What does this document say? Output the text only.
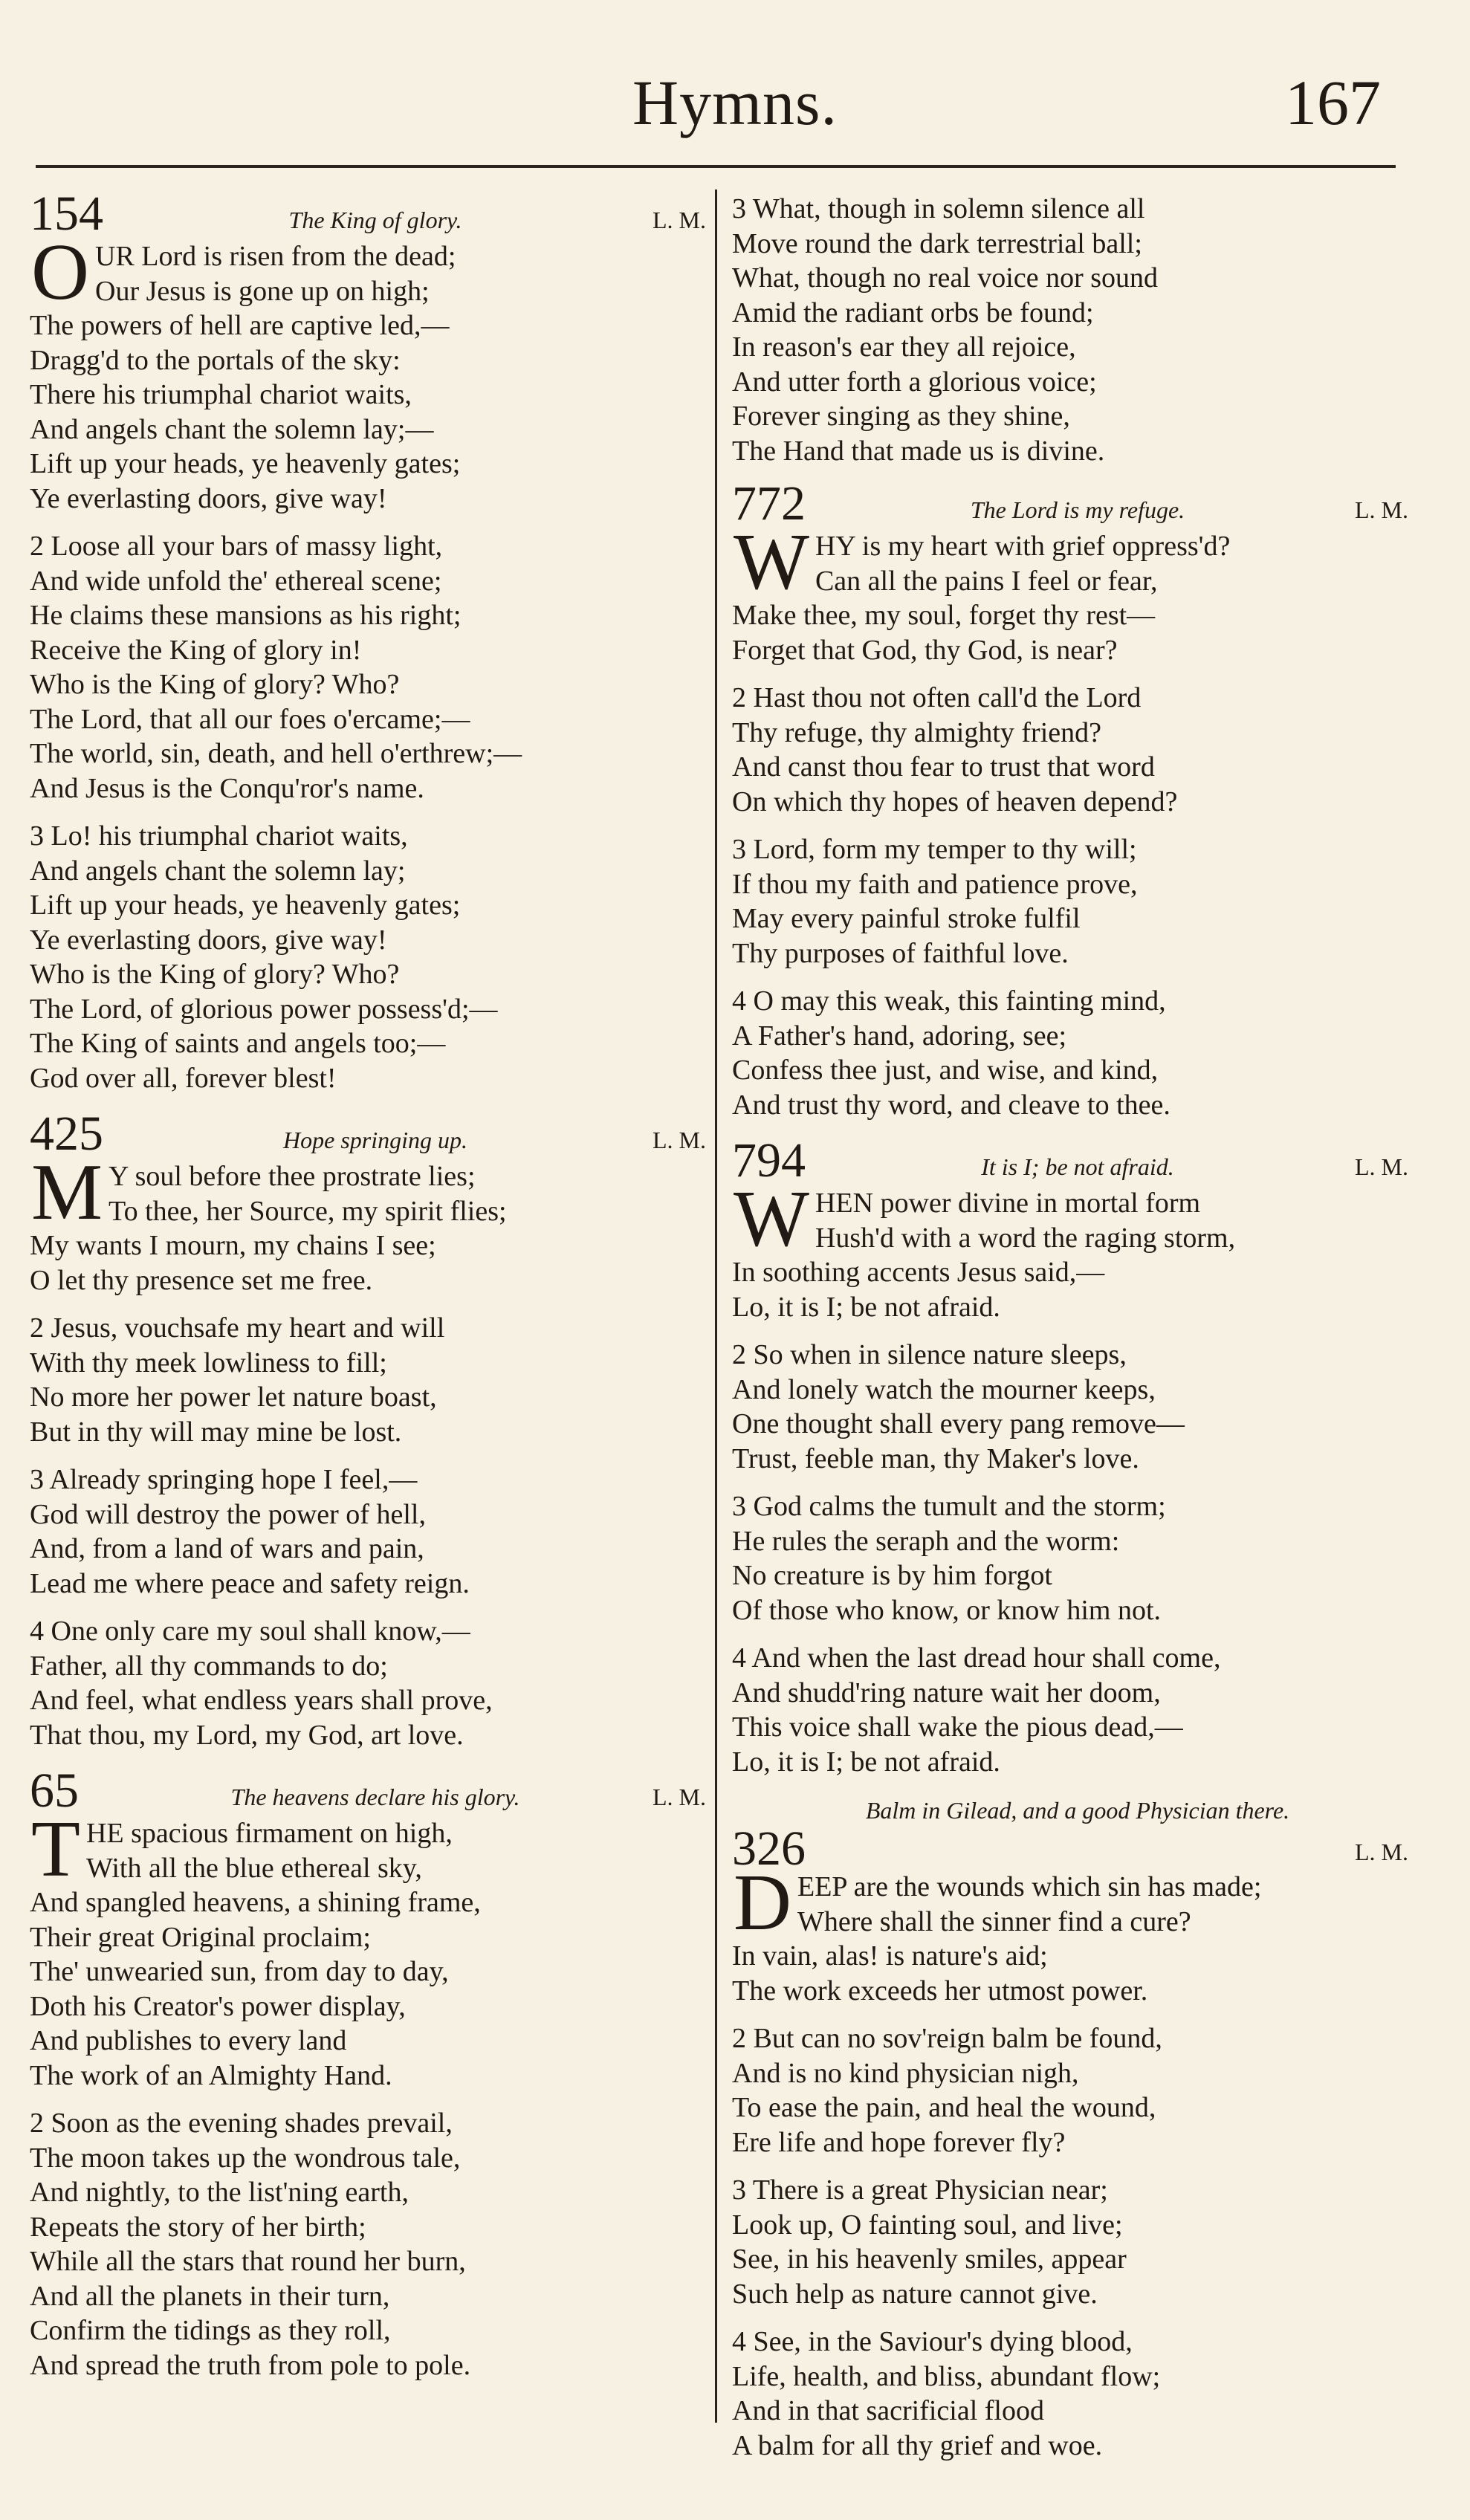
Hymns.	167
154	The King of glory.	L. M.
O UR Lord is risen from the dead;
Our Jesus is gone up on high;
The powers of hell are captive led,—
Dragg'd to the portals of the sky:
There his triumphal chariot waits,
And angels chant the solemn lay;—
Lift up your heads, ye heavenly gates;
Ye everlasting doors, give way!
2 Loose all your bars of massy light,
And wide unfold the' ethereal scene;
He claims these mansions as his right;
Receive the King of glory in!
Who is the King of glory? Who?
The Lord, that all our foes o'ercame;—
The world, sin, death, and hell o'erthrew;—
And Jesus is the Conqu'ror's name.
3 Lo! his triumphal chariot waits,
And angels chant the solemn lay;
Lift up your heads, ye heavenly gates;
Ye everlasting doors, give way!
Who is the King of glory? Who?
The Lord, of glorious power possess'd;—
The King of saints and angels too;—
God over all, forever blest!
425	Hope springing up.	L. M.
M Y soul before thee prostrate lies;
To thee, her Source, my spirit flies;
My wants I mourn, my chains I see;
O let thy presence set me free.
2 Jesus, vouchsafe my heart and will
With thy meek lowliness to fill;
No more her power let nature boast,
But in thy will may mine be lost.
3 Already springing hope I feel,—
God will destroy the power of hell,
And, from a land of wars and pain,
Lead me where peace and safety reign.
4 One only care my soul shall know,—
Father, all thy commands to do;
And feel, what endless years shall prove,
That thou, my Lord, my God, art love.
65	The heavens declare his glory.	L. M.
T HE spacious firmament on high,
With all the blue ethereal sky,
And spangled heavens, a shining frame,
Their great Original proclaim;
The' unwearied sun, from day to day,
Doth his Creator's power display,
And publishes to every land
The work of an Almighty Hand.
2 Soon as the evening shades prevail,
The moon takes up the wondrous tale,
And nightly, to the list'ning earth,
Repeats the story of her birth;
While all the stars that round her burn,
And all the planets in their turn,
Confirm the tidings as they roll,
And spread the truth from pole to pole.
3 What, though in solemn silence all
Move round the dark terrestrial ball;
What, though no real voice nor sound
Amid the radiant orbs be found;
In reason's ear they all rejoice,
And utter forth a glorious voice;
Forever singing as they shine,
The Hand that made us is divine.
772	The Lord is my refuge.	L. M.
W HY is my heart with grief oppress'd?
Can all the pains I feel or fear,
Make thee, my soul, forget thy rest—
Forget that God, thy God, is near?
2 Hast thou not often call'd the Lord
Thy refuge, thy almighty friend?
And canst thou fear to trust that word
On which thy hopes of heaven depend?
3 Lord, form my temper to thy will;
If thou my faith and patience prove,
May every painful stroke fulfil
Thy purposes of faithful love.
4 O may this weak, this fainting mind,
A Father's hand, adoring, see;
Confess thee just, and wise, and kind,
And trust thy word, and cleave to thee.
794	It is I; be not afraid.	L. M.
W HEN power divine in mortal form
Hush'd with a word the raging storm,
In soothing accents Jesus said,—
Lo, it is I; be not afraid.
2 So when in silence nature sleeps,
And lonely watch the mourner keeps,
One thought shall every pang remove—
Trust, feeble man, thy Maker's love.
3 God calms the tumult and the storm;
He rules the seraph and the worm:
No creature is by him forgot
Of those who know, or know him not.
4 And when the last dread hour shall come,
And shudd'ring nature wait her doom,
This voice shall wake the pious dead,—
Lo, it is I; be not afraid.
326
Balm in Gilead, and a good Physician there.
L. M.
D EEP are the wounds which sin has made;
Where shall the sinner find a cure?
In vain, alas! is nature's aid;
The work exceeds her utmost power.
2 But can no sov'reign balm be found,
And is no kind physician nigh,
To ease the pain, and heal the wound,
Ere life and hope forever fly?
3 There is a great Physician near;
Look up, O fainting soul, and live;
See, in his heavenly smiles, appear
Such help as nature cannot give.
4 See, in the Saviour's dying blood,
Life, health, and bliss, abundant flow;
And in that sacrificial flood
A balm for all thy grief and woe.
